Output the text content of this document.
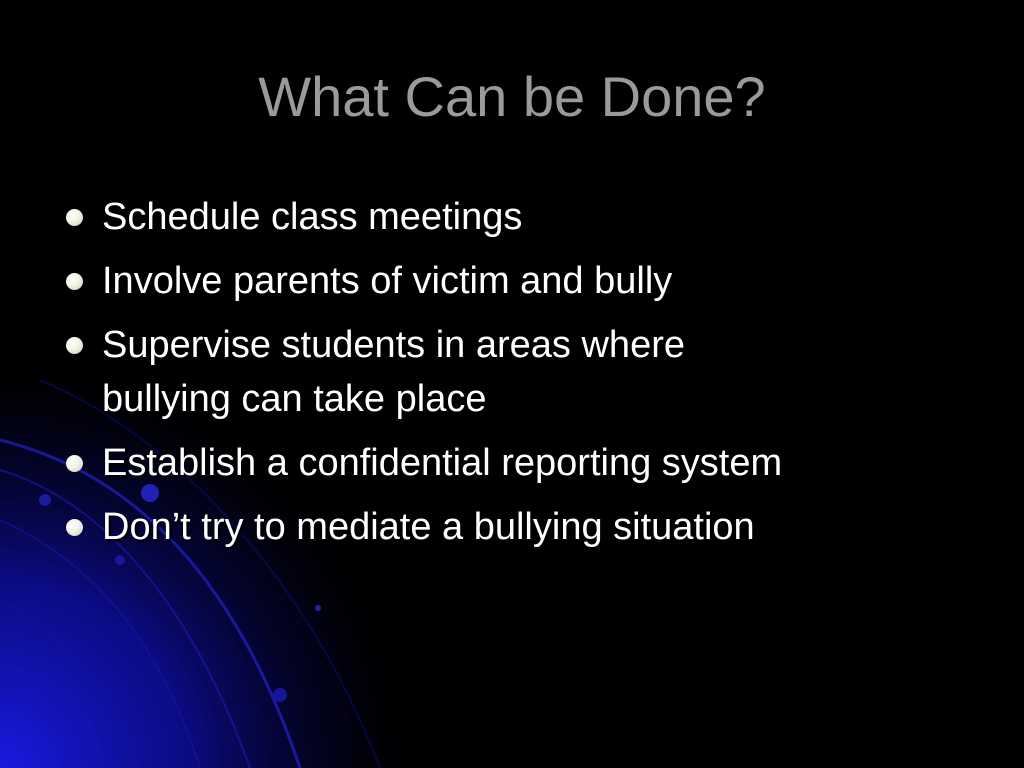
What Can be Done?
Schedule class meetings
Involve parents of victim and bully
Supervise students in areas where bullying can take place
Establish a confidential reporting system
Don’t try to mediate a bullying situation
